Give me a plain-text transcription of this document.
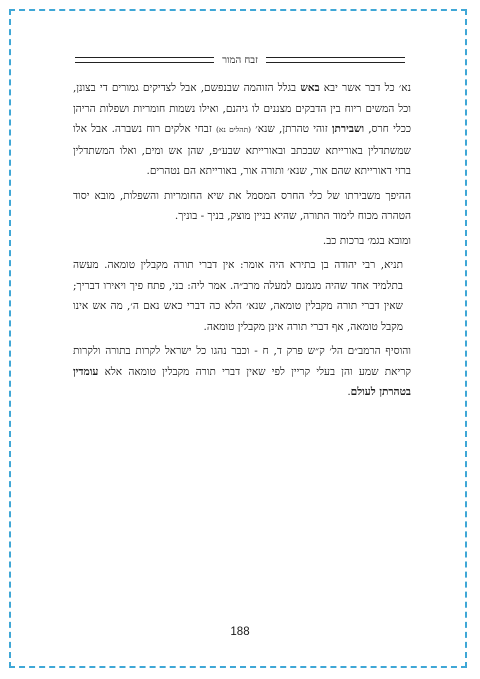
זבח המור

נא׳ כל דבר אשר יבא באש בגלל הזוהמה שבנפשם, אבל לצדיקים גמורים די בצונן, וכל המשים ריוח בין הדבקים מצננים לו גיהנם, ואילו נשמות חומריות ושפלות הריהן ככלי חרס, ושבירתן זוהי טהרתן, שנא׳ (תהלים נא) זבחי אלקים רוח נשברה. אבל אלו שמשתדלין באורייתא שבכתב ובאורייתא שבע״פ, שהן אש ומים, ואלו המשתדלין ברזי דאורייתא שהם אור, שנא׳ ותורה אור, באורייתא הם נטהרים.

ההיפך משבירתו של כלי החרס המסמל את שיא החומריות והשפלות, מובא יסוד הטהרה מכוח לימוד התורה, שהיא בניין מוצק, בניך - בוניך.

ומובא בגמ׳ ברכות כב.

תניא, רבי יהודה בן בתירא היה אומר: אין דברי תורה מקבלין טומאה. מעשה בתלמיד אחד שהיה מגמגם למעלה מרב״ה. אמר ליה: בני, פתח פיך ויאירו דבריך; שאין דברי תורה מקבלין טומאה, שנא׳ הלא כה דברי כאש נאם ה׳, מה אש אינו מקבל טומאה, אף דברי תורה אינן מקבלין טומאה.

והוסיף הרמב״ם הל׳ ק״ש פרק ד, ח - וכבר נהגו כל ישראל לקרות בתורה ולקרות קריאת שמע והן בעלי קריין לפי שאין דברי תורה מקבלין טומאה אלא עומדין בטהרתן לעולם.

188
